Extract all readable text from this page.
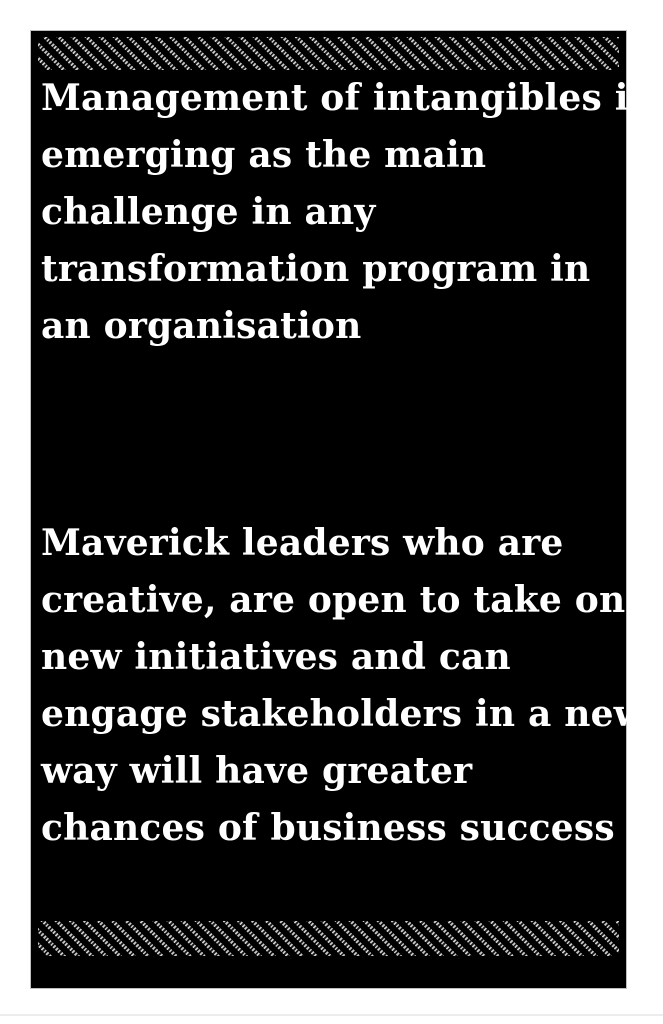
Management of intangibles is
emerging as the main
challenge in any
transformation program in
an organisation
Maverick leaders who are
creative, are open to take on
new initiatives and can
engage stakeholders in a new
way will have greater
chances of business success
